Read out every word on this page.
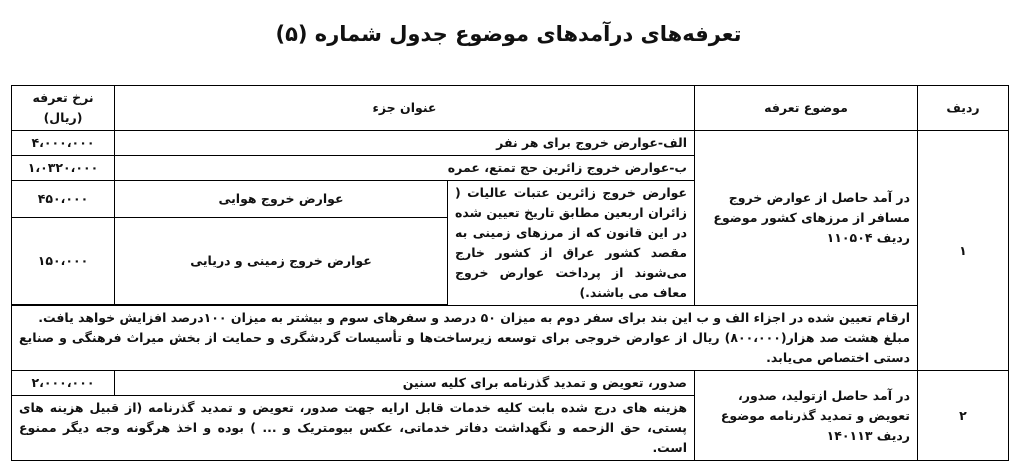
تعرفه‌های درآمدهای موضوع جدول شماره (۵)
ردیف	موضوع تعرفه	عنوان جزء		نرخ تعرفه (ریال)
۱	در آمد حاصل از عوارض خروج مسافر از مرزهای کشور موضوع ردیف ۱۱۰۵۰۴	الف-عوارض خروج برای هر نفر		۴،۰۰۰،۰۰۰
		ب-عوارض خروج زائرین حج تمتع، عمره		۱،۰۳۲۰،۰۰۰
		عوارض خروج زائرین عتبات عالیات ( زائران اربعین مطابق تاریخ تعیین شده در این قانون که از مرزهای زمینی به مقصد کشور عراق از کشور خارج می‌شوند از پرداخت عوارض خروج معاف می باشند.)	عوارض خروج هوایی	۴۵۰،۰۰۰
			عوارض خروج زمینی و دریایی	۱۵۰،۰۰۰

	ارقام تعیین شده در اجزاء الف و ب این بند برای سفر دوم به میزان ۵۰ درصد و سفرهای سوم و بیشتر به میزان ۱۰۰درصد افزایش خواهد یافت.

مبلغ هشت صد هزار(۸۰۰،۰۰۰) ریال از عوارض خروجی برای توسعه زیرساخت‌ها و تأسیسات گردشگری و حمایت از بخش میراث فرهنگی و صنایع دستی اختصاص می‌یابد.			

۲	در آمد حاصل ازتولید، صدور، تعویض و تمدید گذرنامه موضوع ردیف ۱۴۰۱۱۳	صدور، تعویض و تمدید گذرنامه برای کلیه سنین		۲،۰۰۰،۰۰۰
		هزینه های درج شده بابت کلیه خدمات قابل ارایه جهت صدور، تعویض و تمدید گذرنامه (از قبیل هزینه های پستی، حق الزحمه و نگهداشت دفاتر خدماتی، عکس بیومتریک و ... ) بوده و اخذ هرگونه وجه دیگر ممنوع است.		
